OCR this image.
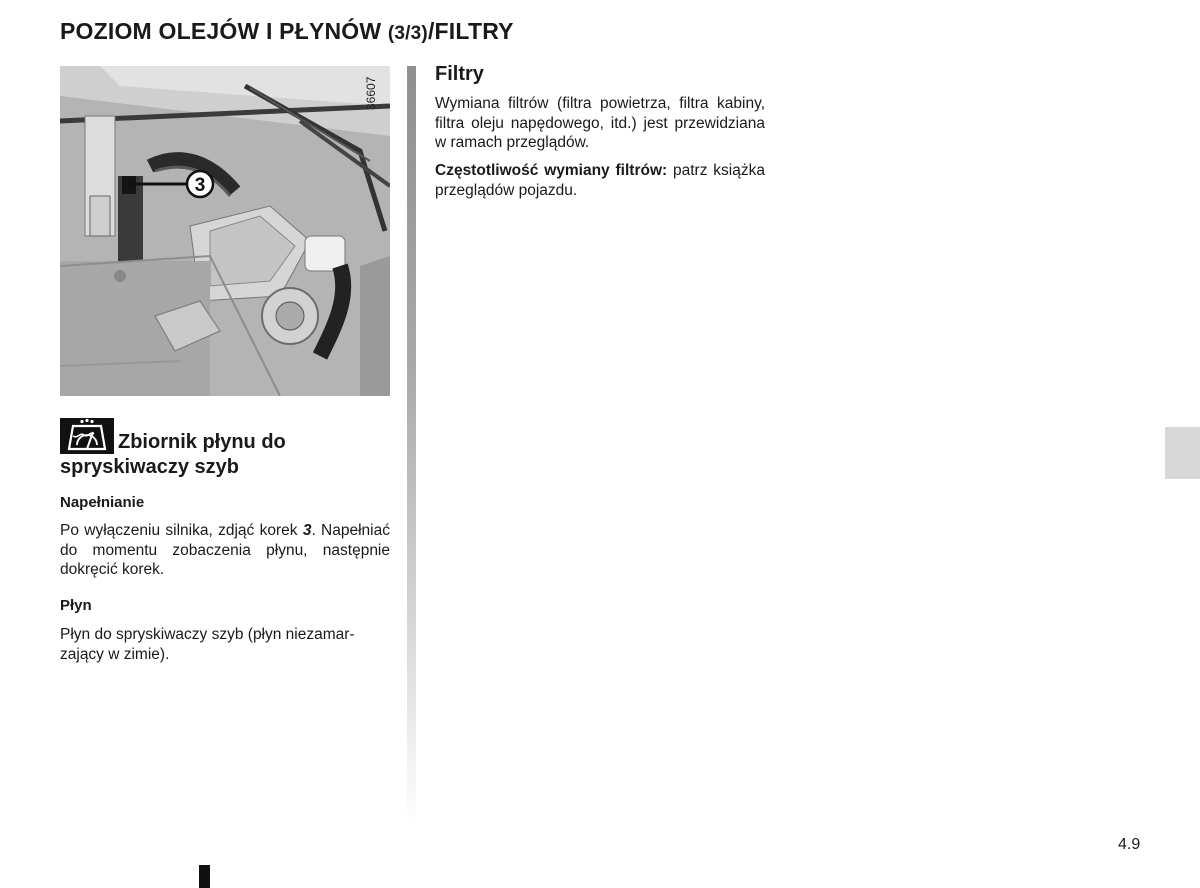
POZIOM OLEJÓW I PŁYNÓW (3/3)/FILTRY
3
36607
Zbiornik płynu do spryskiwaczy szyb
Napełnianie

Po wyłączeniu silnika, zdjąć korek 3. Napełniać do momentu zobaczenia płynu, następnie dokręcić korek.

Płyn

Płyn do spryskiwaczy szyb (płyn niezamar-zający w zimie).

Filtry

Wymiana filtrów (filtra powietrza, filtra kabiny, filtra oleju napędowego, itd.) jest przewidziana w ramach przeglądów.

Częstotliwość wymiany filtrów: patrz książka przeglądów pojazdu.

4.9
